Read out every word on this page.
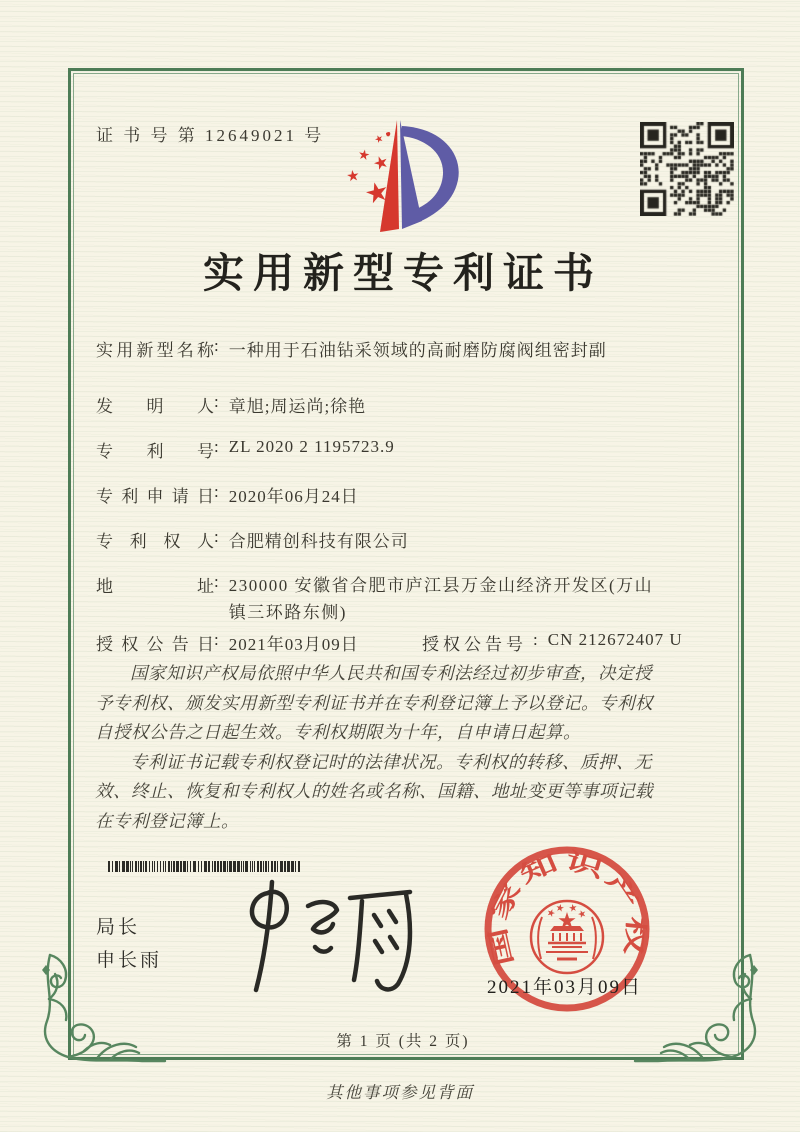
证 书 号 第 12649021 号
实用新型专利证书
实用新型名称: 一种用于石油钻采领域的高耐磨防腐阀组密封副
发明人: 章旭;周运尚;徐艳
专利号: ZL 2020 2 1195723.9
专利申请日: 2020年06月24日
专利权人: 合肥精创科技有限公司
地址: 230000 安徽省合肥市庐江县万金山经济开发区(万山镇三环路东侧)
授权公告日: 2021年03月09日	授权公告号 : CN 212672407 U

国家知识产权局依照中华人民共和国专利法经过初步审查，决定授予专利权、颁发实用新型专利证书并在专利登记簿上予以登记。专利权自授权公告之日起生效。专利权期限为十年，自申请日起算。

专利证书记载专利权登记时的法律状况。专利权的转移、质押、无效、终止、恢复和专利权人的姓名或名称、国籍、地址变更等事项记载在专利登记簿上。

局长
申长雨	国家知识产权局
2021年03月09日
第 1 页 (共 2 页)
其他事项参见背面
